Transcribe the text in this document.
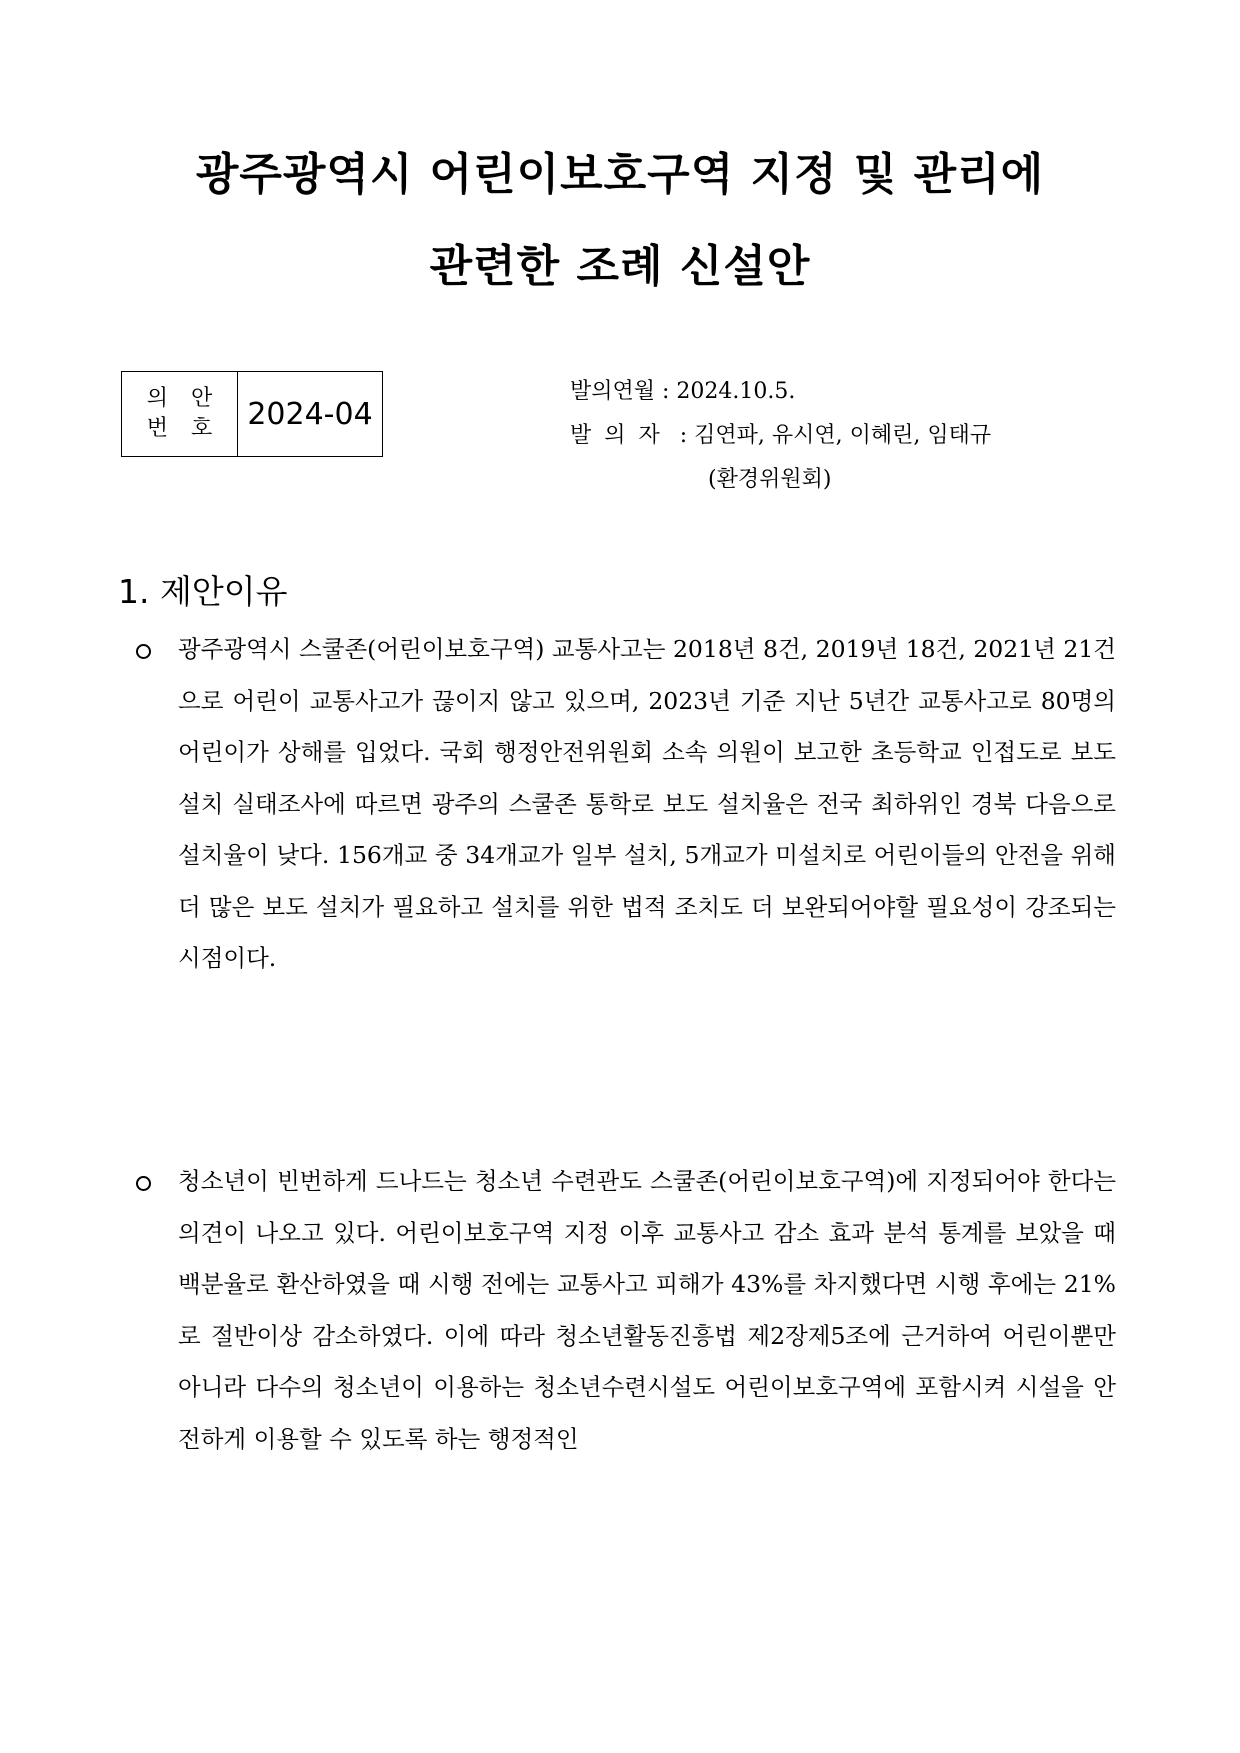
광주광역시 어린이보호구역 지정 및 관리에
관련한 조례 신설안
의 안
번 호 2024-04
발의연월 : 2024.10.5.
발의자 : 김연파, 유시연, 이혜린, 임태규
(환경위원회)
1. 제안이유
광주광역시 스쿨존(어린이보호구역) 교통사고는 2018년 8건, 2019년 18건, 2021년 21건으로 어린이 교통사고가 끊이지 않고 있으며, 2023년 기준 지난 5년간 교통사고로 80명의 어린이가 상해를 입었다. 국회 행정안전위원회 소속 의원이 보고한 초등학교 인접도로 보도설치 실태조사에 따르면 광주의 스쿨존 통학로 보도 설치율은 전국 최하위인 경북 다음으로 설치율이 낮다. 156개교 중 34개교가 일부 설치, 5개교가 미설치로 어린이들의 안전을 위해 더 많은 보도 설치가 필요하고 설치를 위한 법적 조치도 더 보완되어야할 필요성이 강조되는 시점이다.
청소년이 빈번하게 드나드는 청소년 수련관도 스쿨존(어린이보호구역)에 지정되어야 한다는 의견이 나오고 있다. 어린이보호구역 지정 이후 교통사고 감소 효과 분석 통계를 보았을 때 백분율로 환산하였을 때 시행 전에는 교통사고 피해가 43%를 차지했다면 시행 후에는 21%로 절반이상 감소하였다. 이에 따라 청소년활동진흥법 제2장제5조에 근거하여 어린이뿐만 아니라 다수의 청소년이 이용하는 청소년수련시설도 어린이보호구역에 포함시켜 시설을 안전하게 이용할 수 있도록 하는 행정적인
